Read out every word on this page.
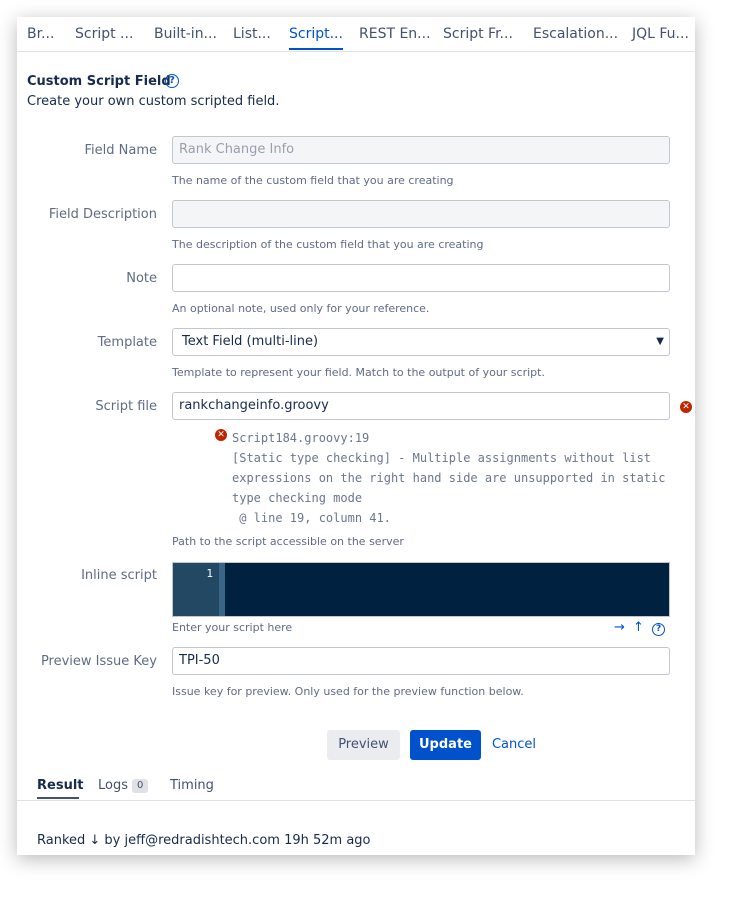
Br... Script ... Built-in... List... Script... REST En... Script Fr... Escalation... JQL Fu...
Custom Script Field
?
Create your own custom scripted field.
Field Name	Rank Change Info
The name of the custom field that you are creating
Field Description
The description of the custom field that you are creating
Note
An optional note, used only for your reference.
Template	Text Field (multi-line)	▼
Template to represent your field. Match to the output of your script.
Script file	rankchangeinfo.groovy	✕
✕ Script184.groovy:19
[Static type checking] - Multiple assignments without list
expressions on the right hand side are unsupported in static
type checking mode
@ line 19, column 41.
Path to the script accessible on the server
Inline script	1
Enter your script here	→ ↑ ?
Preview Issue Key	TPI-50
Issue key for preview. Only used for the preview function below.
Preview	Update	Cancel
Result Logs 0	Timing
Ranked ↓ by jeff@redradishtech.com 19h 52m ago
